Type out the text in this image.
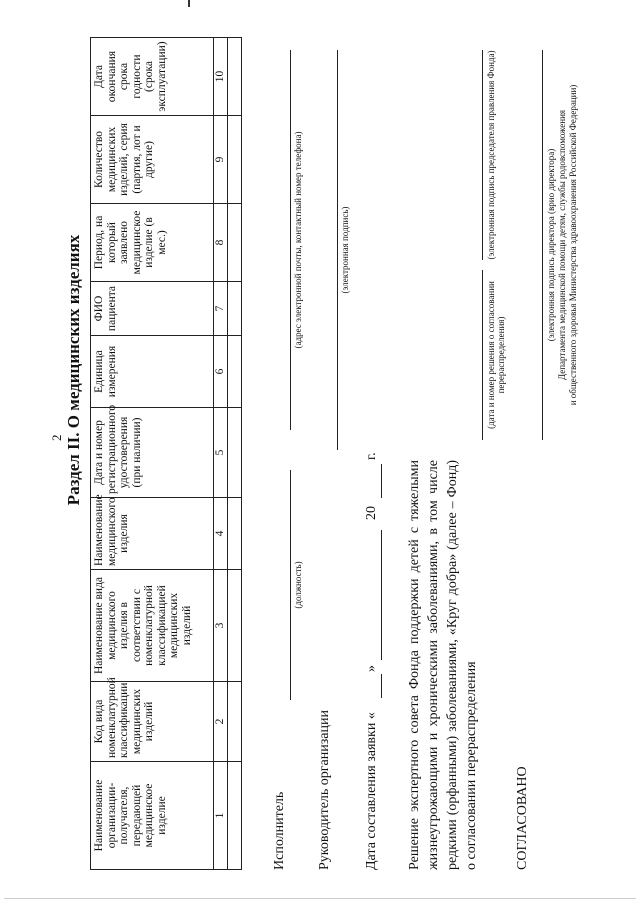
2 Раздел II. О медицинских изделиях
Наименование организации-получателя, передающей медицинское изделие	Код вида номенклатурной классификации медицинских изделий	Наименование вида медицинского изделия в соответствии с номенклатурной классификацией медицинских изделий	Наименование медицинского изделия	Дата и номер регистрационного удостоверения (при наличии)	Единица измерения	ФИО пациента	Период, на который заявлено медицинское изделие (в мес.)	Количество медицинских изделий, серия (партия, лот и другие)	Дата окончания срока годности (срока эксплуатации)
1	2	3	4	5	6	7	8	9	10

Исполнитель
(должность)
(адрес электронной почты, контактный номер телефона)
Руководитель организации
(электронная подпись)
Дата составления заявки «
»
20
г.
Решение экспертного совета Фонда поддержки детей с тяжелыми жизнеугрожающими и хроническими заболеваниями, в том числе редкими (орфанными) заболеваниями, «Круг добра» (далее – Фонд) о согласовании перераспределения
(дата и номер решения о согласовании перераспределения)
(электронная подпись председателя правления Фонда)
СОГЛАСОВАНО
(электронная подпись директора (врио директора) Департамента медицинской помощи детям, службы родовспоможения и общественного здоровья Министерства здравоохранения Российской Федерации)
